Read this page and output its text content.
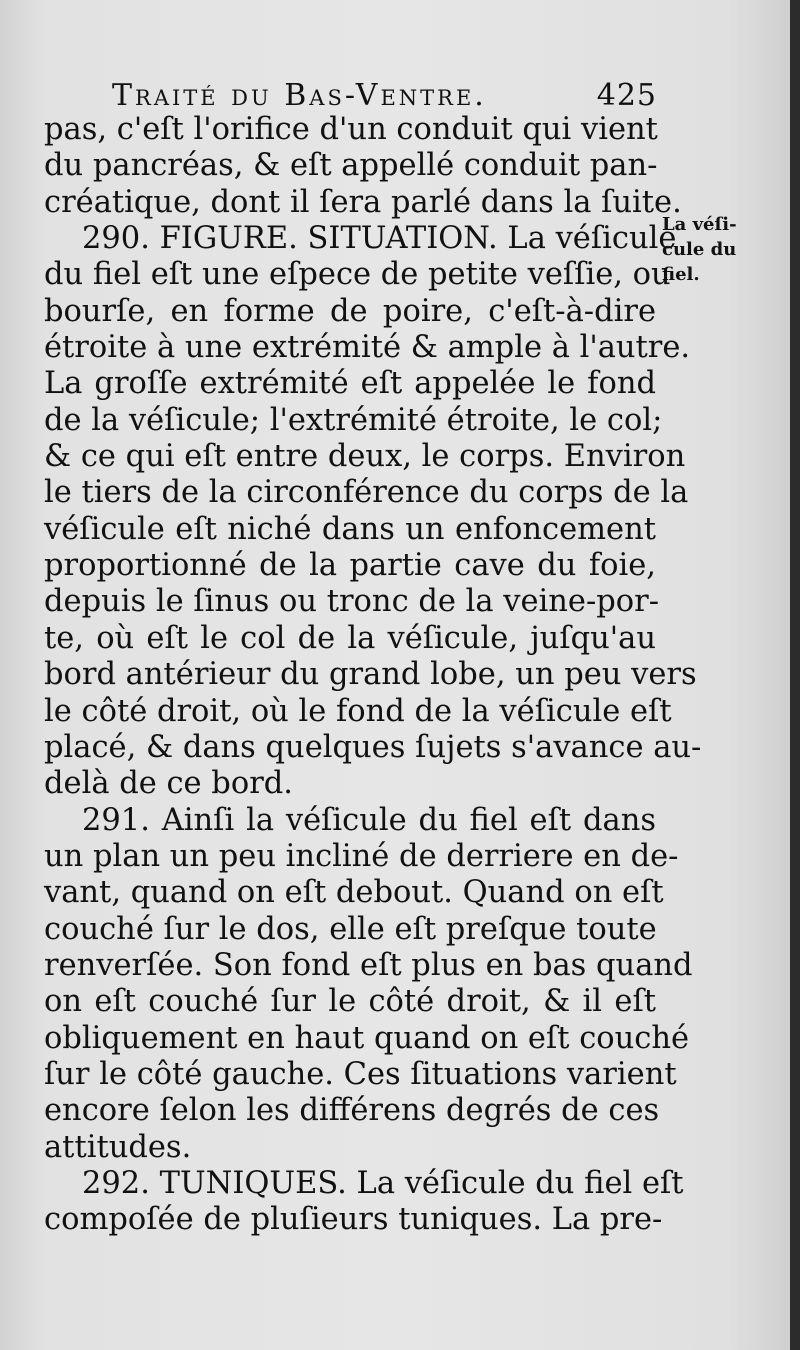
Traité du Bas-Ventre.	425
pas, c'eſt l'orifice d'un conduit qui vient
du pancréas, & eſt appellé conduit pan-
créatique, dont il ſera parlé dans la ſuite.
290. FIGURE. SITUATION. La véſicule
du fiel eſt une eſpece de petite veſſie, ou
bourſe, en forme de poire, c'eſt-à-dire
étroite à une extrémité & ample à l'autre.
La groſſe extrémité eſt appelée le fond
de la véſicule; l'extrémité étroite, le col;
& ce qui eſt entre deux, le corps. Environ
le tiers de la circonférence du corps de la
véſicule eſt niché dans un enfoncement
proportionné de la partie cave du foie,
depuis le ſinus ou tronc de la veine-por-
te, où eſt le col de la véſicule, juſqu'au
bord antérieur du grand lobe, un peu vers
le côté droit, où le fond de la véſicule eſt
placé, & dans quelques ſujets s'avance au-
delà de ce bord.
291. Ainſi la véſicule du fiel eſt dans
un plan un peu incliné de derriere en de-
vant, quand on eſt debout. Quand on eſt
couché ſur le dos, elle eſt preſque toute
renverſée. Son fond eſt plus en bas quand
on eſt couché ſur le côté droit, & il eſt
obliquement en haut quand on eſt couché
ſur le côté gauche. Ces ſituations varient
encore ſelon les différens degrés de ces
attitudes.
292. TUNIQUES. La véſicule du fiel eſt
compoſée de pluſieurs tuniques. La pre-
La véſi-
cule du
fiel.
